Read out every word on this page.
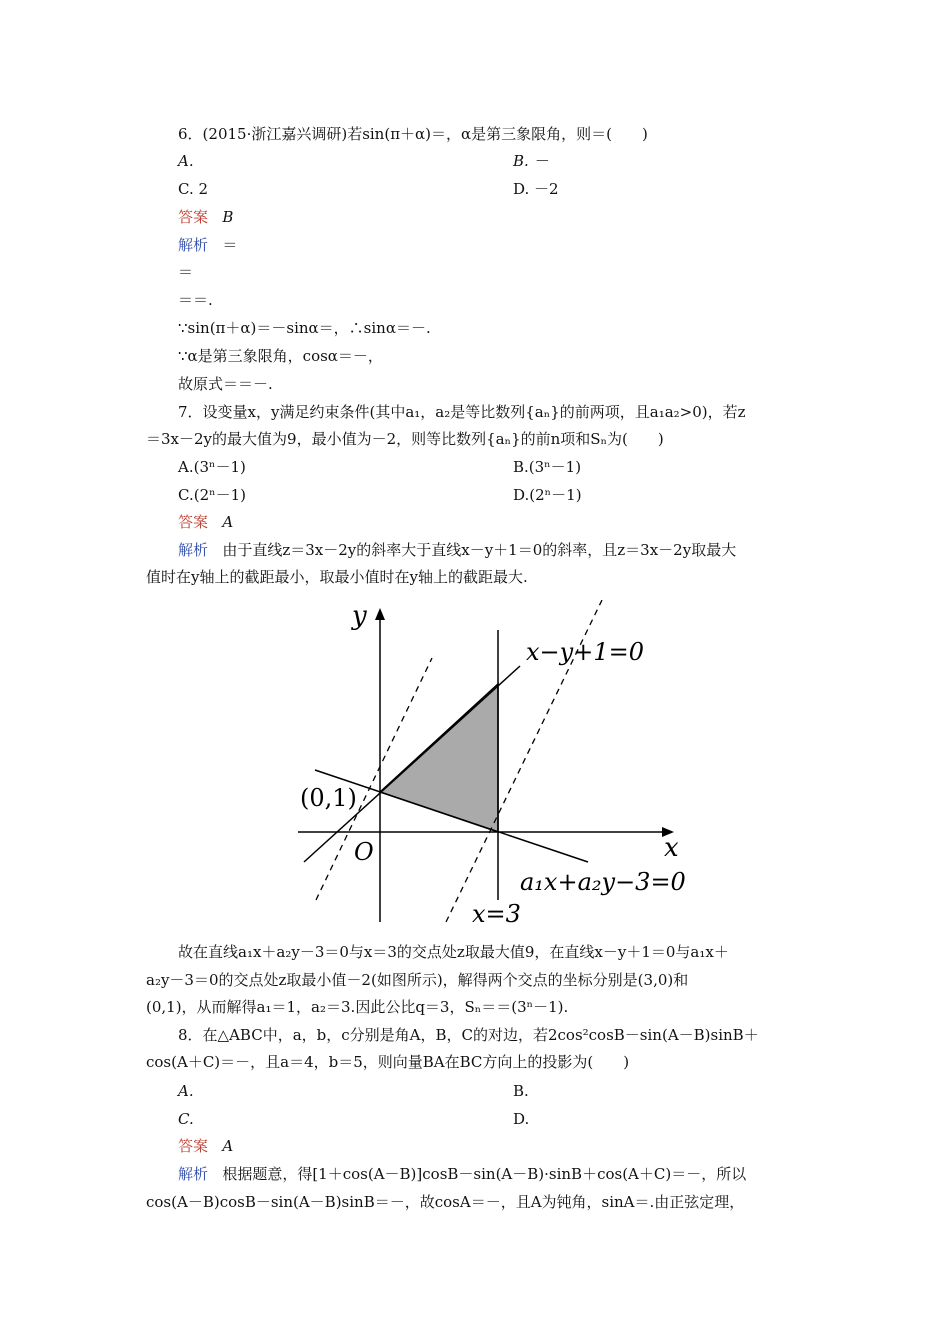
6．(2015·浙江嘉兴调研)若sin(π＋α)＝，α是第三象限角，则＝(　　)
A.	B. －
C. 2	D. －2
答案 B
解析 ＝
＝
＝＝.
∵sin(π＋α)＝－sinα＝，∴sinα＝－.
∵α是第三象限角，cosα＝－，
故原式＝＝－.
7．设变量x，y满足约束条件(其中a₁，a₂是等比数列{aₙ}的前两项，且a₁a₂>0)，若z
＝3x－2y的最大值为9，最小值为－2，则等比数列{aₙ}的前n项和Sₙ为(　　)
A.(3ⁿ－1)	B.(3ⁿ－1)
C.(2ⁿ－1)	D.(2ⁿ－1)
答案 A
解析 由于直线z＝3x－2y的斜率大于直线x－y＋1＝0的斜率，且z＝3x－2y取最大
值时在y轴上的截距最小，取最小值时在y轴上的截距最大.
y
x
O
x−y+1=0
(0,1)
a₁x+a₂y−3=0
x=3
故在直线a₁x＋a₂y－3＝0与x＝3的交点处z取最大值9，在直线x－y＋1＝0与a₁x＋
a₂y－3＝0的交点处z取最小值－2(如图所示)，解得两个交点的坐标分别是(3,0)和
(0,1)，从而解得a₁＝1，a₂＝3.因此公比q＝3，Sₙ＝＝(3ⁿ－1).
8．在△ABC中，a，b，c分别是角A，B，C的对边，若2cos²cosB－sin(A－B)sinB＋
cos(A＋C)＝－，且a＝4，b＝5，则向量BA在BC方向上的投影为(　　)
A.	B.
C.	D.
答案 A
解析 根据题意，得[1＋cos(A－B)]cosB－sin(A－B)·sinB＋cos(A＋C)＝－，所以
cos(A－B)cosB－sin(A－B)sinB＝－，故cosA＝－，且A为钝角，sinA＝.由正弦定理，
